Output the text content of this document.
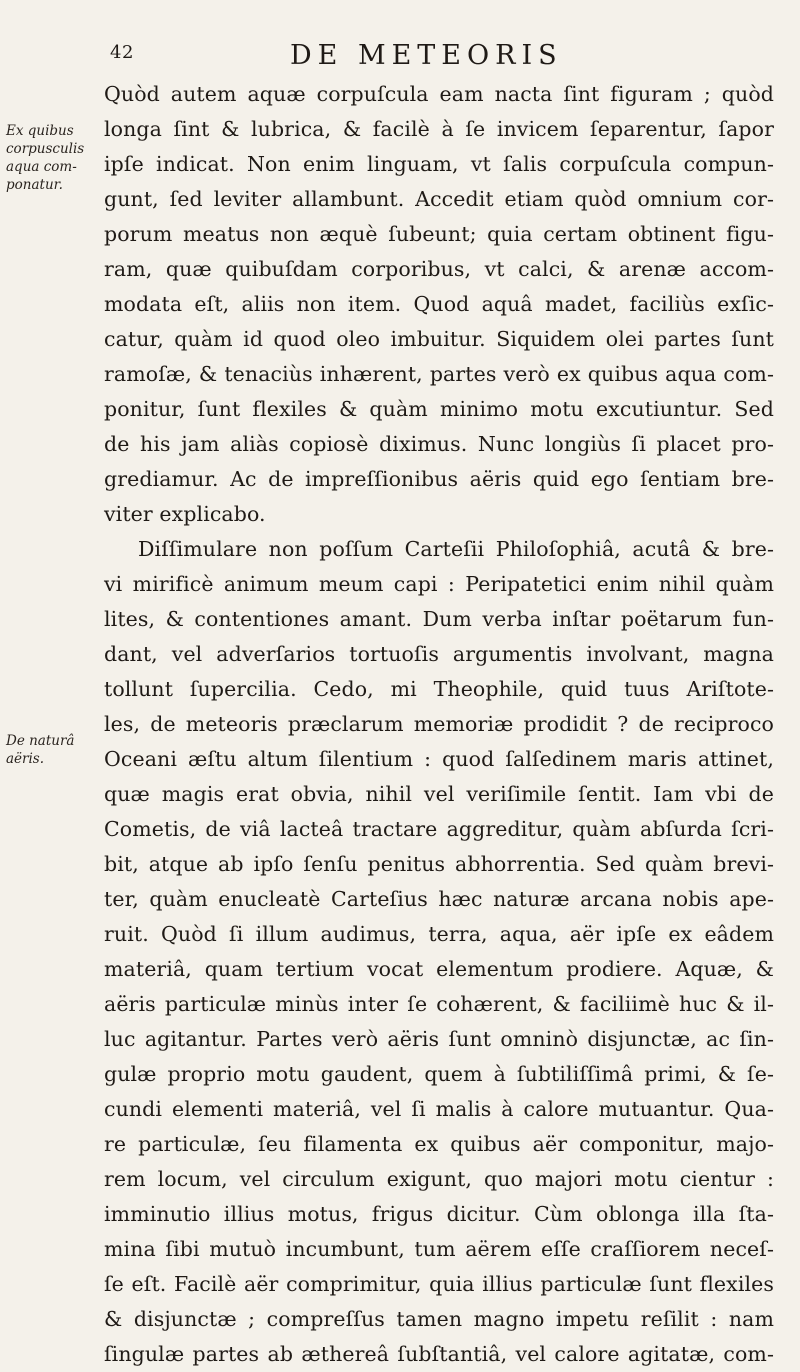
42	DE METEORIS
Ex quibus
corpusculis
aqua com-
ponatur.
De naturâ
aëris.
Quòd autem aquæ corpuſcula eam nacta ſint figuram ; quòd
longa ſint & lubrica, & facilè à ſe invicem ſeparentur, ſapor
ipſe indicat. Non enim linguam, vt ſalis corpuſcula compun-
gunt, ſed leviter allambunt. Accedit etiam quòd omnium cor-
porum meatus non æquè ſubeunt; quia certam obtinent figu-
ram, quæ quibuſdam corporibus, vt calci, & arenæ accom-
modata eſt, aliis non item. Quod aquâ madet, faciliùs exſic-
catur, quàm id quod oleo imbuitur. Siquidem olei partes ſunt
ramoſæ, & tenaciùs inhærent, partes verò ex quibus aqua com-
ponitur, ſunt flexiles & quàm minimo motu excutiuntur. Sed
de his jam aliàs copiosè diximus. Nunc longiùs ſi placet pro-
grediamur. Ac de impreſſionibus aëris quid ego ſentiam bre-
viter explicabo.
Diſſimulare non poſſum Carteſii Philoſophiâ, acutâ & bre-
vi mirificè animum meum capi : Peripatetici enim nihil quàm
lites, & contentiones amant. Dum verba inſtar poëtarum fun-
dant, vel adverſarios tortuoſis argumentis involvant, magna
tollunt ſupercilia. Cedo, mi Theophile, quid tuus Ariſtote-
les, de meteoris præclarum memoriæ prodidit ? de reciproco
Oceani æſtu altum ſilentium : quod ſalſedinem maris attinet,
quæ magis erat obvia, nihil vel veriſimile ſentit. Iam vbi de
Cometis, de viâ lacteâ tractare aggreditur, quàm abſurda ſcri-
bit, atque ab ipſo ſenſu penitus abhorrentia. Sed quàm brevi-
ter, quàm enucleatè Carteſius hæc naturæ arcana nobis ape-
ruit. Quòd ſi illum audimus, terra, aqua, aër ipſe ex eâdem
materiâ, quam tertium vocat elementum prodiere. Aquæ, &
aëris particulæ minùs inter ſe cohærent, & faciliimè huc & il-
luc agitantur. Partes verò aëris ſunt omninò disjunctæ, ac ſin-
gulæ proprio motu gaudent, quem à ſubtiliſſimâ primi, & ſe-
cundi elementi materiâ, vel ſi malis à calore mutuantur. Qua-
re particulæ, ſeu filamenta ex quibus aër componitur, majo-
rem locum, vel circulum exigunt, quo majori motu cientur :
imminutio illius motus, frigus dicitur. Cùm oblonga illa ſta-
mina ſibi mutuò incumbunt, tum aërem eſſe craſſiorem neceſ-
ſe eſt. Facilè aër comprimitur, quia illius particulæ ſunt flexiles
& disjunctæ ; compreſſus tamen magno impetu reſilit : nam
ſingulæ partes ab æthereâ ſubſtantiâ, vel calore agitatæ, com-
